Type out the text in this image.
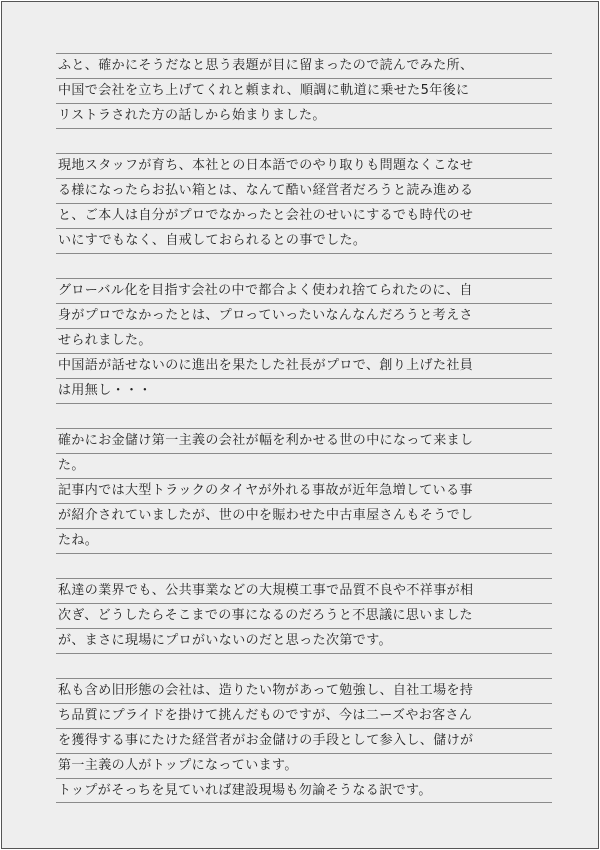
ふと、確かにそうだなと思う表題が目に留まったので読んでみた所、
中国で会社を立ち上げてくれと頼まれ、順調に軌道に乗せた5年後に
リストラされた方の話しから始まりました。
現地スタッフが育ち、本社との日本語でのやり取りも問題なくこなせ
る様になったらお払い箱とは、なんて酷い経営者だろうと読み進める
と、ご本人は自分がプロでなかったと会社のせいにするでも時代のせ
いにすでもなく、自戒しておられるとの事でした。
グローバル化を目指す会社の中で都合よく使われ捨てられたのに、自
身がプロでなかったとは、プロっていったいなんなんだろうと考えさ
せられました。
中国語が話せないのに進出を果たした社長がプロで、創り上げた社員
は用無し・・・
確かにお金儲け第一主義の会社が幅を利かせる世の中になって来まし
た。
記事内では大型トラックのタイヤが外れる事故が近年急増している事
が紹介されていましたが、世の中を賑わせた中古車屋さんもそうでし
たね。
私達の業界でも、公共事業などの大規模工事で品質不良や不祥事が相
次ぎ、どうしたらそこまでの事になるのだろうと不思議に思いました
が、まさに現場にプロがいないのだと思った次第です。
私も含め旧形態の会社は、造りたい物があって勉強し、自社工場を持
ち品質にプライドを掛けて挑んだものですが、今は二ーズやお客さん
を獲得する事にたけた経営者がお金儲けの手段として参入し、儲けが
第一主義の人がトップになっています。
トップがそっちを見ていれば建設現場も勿論そうなる訳です。
